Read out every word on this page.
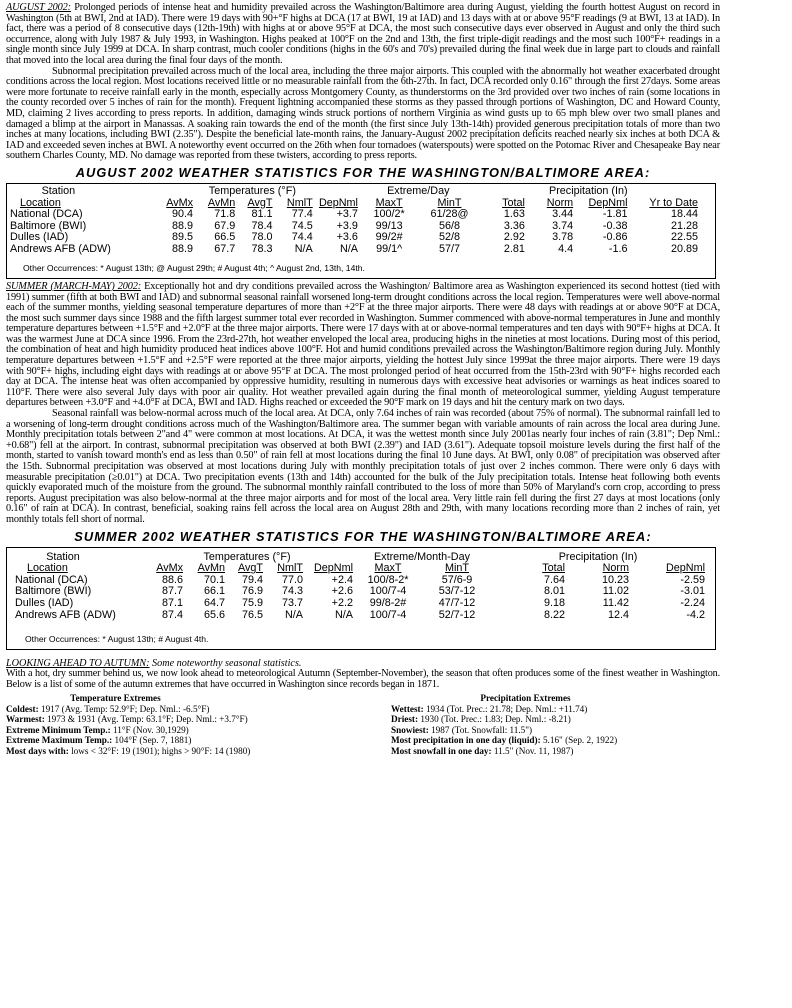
AUGUST 2002: Prolonged periods of intense heat and humidity prevailed across the Washington/Baltimore area during August, yielding the fourth hottest August on record in Washington (5th at BWI, 2nd at IAD). There were 19 days with 90+°F highs at DCA (17 at BWI, 19 at IAD) and 13 days with at or above 95°F readings (9 at BWI, 13 at IAD). In fact, there was a period of 8 consecutive days (12th-19th) with highs at or above 95°F at DCA, the most such consecutive days ever observed in August and only the third such occurrence, along with July 1987 & July 1993, in Washington. Highs peaked at 100°F on the 2nd and 13th, the first triple-digit readings and the most such 100°F+ readings in a single month since July 1999 at DCA. In sharp contrast, much cooler conditions (highs in the 60's and 70's) prevailed during the final week due in large part to clouds and rainfall that moved into the local area during the final four days of the month.

Subnormal precipitation prevailed across much of the local area, including the three major airports. This coupled with the abnormally hot weather exacerbated drought conditions across the local region. Most locations received little or no measurable rainfall from the 6th-27th. In fact, DCA recorded only 0.16" through the first 27days. Some areas were more fortunate to receive rainfall early in the month, especially across Montgomery County, as thunderstorms on the 3rd provided over two inches of rain (some locations in the county recorded over 5 inches of rain for the month). Frequent lightning accompanied these storms as they passed through portions of Washington, DC and Howard County, MD, claiming 2 lives according to press reports. In addition, damaging winds struck portions of northern Virginia as wind gusts up to 65 mph blew over two small planes and damaged a blimp at the airport in Manassas. A soaking rain towards the end of the month (the first since July 13th-14th) provided generous precipitation totals of more than two inches at many locations, including BWI (2.35"). Despite the beneficial late-month rains, the January-August 2002 precipitation deficits reached nearly six inches at both DCA & IAD and exceeded seven inches at BWI. A noteworthy event occurred on the 26th when four tornadoes (waterspouts) were spotted on the Potomac River and Chesapeake Bay near southern Charles County, MD. No damage was reported from these twisters, according to press reports.

AUGUST 2002 WEATHER STATISTICS FOR THE WASHINGTON/BALTIMORE AREA:
Station	Temperatures (°F)					Extreme/Day		Precipitation (In)			
Location	AvMx	AvMn	AvgT	NmlT	DepNml	MaxT	MinT	Total	Norm	DepNml	Yr to Date
National (DCA)	90.4	71.8	81.1	77.4	+3.7	100/2*	61/28@	1.63	3.44	-1.81	18.44
Baltimore (BWI)	88.9	67.9	78.4	74.5	+3.9	99/13	56/8	3.36	3.74	-0.38	21.28
Dulles (IAD)	89.5	66.5	78.0	74.4	+3.6	99/2#	52/8	2.92	3.78	-0.86	22.55
Andrews AFB (ADW)	88.9	67.7	78.3	N/A	N/A	99/1^	57/7	2.81	4.4	-1.6	20.89
Other Occurrences: * August 13th; @ August 29th; # August 4th; ^ August 2nd, 13th, 14th.

SUMMER (MARCH-MAY) 2002: Exceptionally hot and dry conditions prevailed across the Washington/ Baltimore area as Washington experienced its second hottest (tied with 1991) summer (fifth at both BWI and IAD) and subnormal seasonal rainfall worsened long-term drought conditions across the local region. Temperatures were well above-normal each of the summer months, yielding seasonal temperature departures of more than +2°F at the three major airports. There were 48 days with readings at or above 90°F at DCA, the most such summer days since 1988 and the fifth largest summer total ever recorded in Washington. Summer commenced with above-normal temperatures in June and monthly temperature departures between +1.5°F and +2.0°F at the three major airports. There were 17 days with at or above-normal temperatures and ten days with 90°F+ highs at DCA. It was the warmest June at DCA since 1996. From the 23rd-27th, hot weather enveloped the local area, producing highs in the nineties at most locations. During most of this period, the combination of heat and high humidity produced heat indices above 100°F. Hot and humid conditions prevailed across the Washington/Baltimore region during July. Monthly temperature departures between +1.5°F and +2.5°F were reported at the three major airports, yielding the hottest July since 1999at the three major airports. There were 19 days with 90°F+ highs, including eight days with readings at or above 95°F at DCA. The most prolonged period of heat occurred from the 15th-23rd with 90°F+ highs recorded each day at DCA. The intense heat was often accompanied by oppressive humidity, resulting in numerous days with excessive heat advisories or warnings as heat indices soared to 110°F. There were also several July days with poor air quality. Hot weather prevailed again during the final month of meteorological summer, yielding August temperature departures between +3.0°F and +4.0°F at DCA, BWI and IAD. Highs reached or exceeded the 90°F mark on 19 days and hit the century mark on two days.

Seasonal rainfall was below-normal across much of the local area. At DCA, only 7.64 inches of rain was recorded (about 75% of normal). The subnormal rainfall led to a worsening of long-term drought conditions across much of the Washington/Baltimore area. The summer began with variable amounts of rain across the local area during June. Monthly precipitation totals between 2"and 4" were common at most locations. At DCA, it was the wettest month since July 2001as nearly four inches of rain (3.81"; Dep Nml.: +0.68") fell at the airport. In contrast, subnormal precipitation was observed at both BWI (2.39") and IAD (3.61"). Adequate topsoil moisture levels during the first half of the month, started to vanish toward month's end as less than 0.50" of rain fell at most locations during the final 10 June days. At BWI, only 0.08" of precipitation was observed after the 15th. Subnormal precipitation was observed at most locations during July with monthly precipitation totals of just over 2 inches common. There were only 6 days with measurable precipitation (≥0.01") at DCA. Two precipitation events (13th and 14th) accounted for the bulk of the July precipitation totals. Intense heat following both events quickly evaporated much of the moisture from the ground. The subnormal monthly rainfall contributed to the loss of more than 50% of Maryland's corn crop, according to press reports. August precipitation was also below-normal at the three major airports and for most of the local area. Very little rain fell during the first 27 days at most locations (only 0.16" of rain at DCA). In contrast, beneficial, soaking rains fell across the local area on August 28th and 29th, with many locations recording more than 2 inches of rain, yet monthly totals fell short of normal.

SUMMER 2002 WEATHER STATISTICS FOR THE WASHINGTON/BALTIMORE AREA:
Station	Temperatures (°F)					Extreme/Month-Day		Precipitation (In)		
Location	AvMx	AvMn	AvgT	NmlT	DepNml	MaxT	MinT	Total	Norm	DepNml
National (DCA)	88.6	70.1	79.4	77.0	+2.4	100/8-2*	57/6-9	7.64	10.23	-2.59
Baltimore (BWI)	87.7	66.1	76.9	74.3	+2.6	100/7-4	53/7-12	8.01	11.02	-3.01
Dulles (IAD)	87.1	64.7	75.9	73.7	+2.2	99/8-2#	47/7-12	9.18	11.42	-2.24
Andrews AFB (ADW)	87.4	65.6	76.5	N/A	N/A	100/7-4	52/7-12	8.22	12.4	-4.2
Other Occurrences: * August 13th; # August 4th.
LOOKING AHEAD TO AUTUMN: Some noteworthy seasonal statistics.

With a hot, dry summer behind us, we now look ahead to meteorological Autumn (September-November), the season that often produces some of the finest weather in Washington. Below is a list of some of the autumn extremes that have occurred in Washington since records began in 1871.

Temperature Extremes
Coldest: 1917 (Avg. Temp: 52.9°F; Dep. Nml.: -6.5°F)
Warmest: 1973 & 1931 (Avg. Temp: 63.1°F; Dep. Nml.: +3.7°F)
Extreme Minimum Temp.: 11°F (Nov. 30,1929)
Extreme Maximum Temp.: 104°F (Sep. 7, 1881)
Most days with: lows < 32°F: 19 (1901); highs > 90°F: 14 (1980)
Precipitation Extremes
Wettest: 1934 (Tot. Prec.: 21.78; Dep. Nml.: +11.74)
Driest: 1930 (Tot. Prec.: 1.83; Dep. Nml.: -8.21)
Snowiest: 1987 (Tot. Snowfall: 11.5")
Most precipitation in one day (liquid): 5.16" (Sep. 2, 1922)
Most snowfall in one day: 11.5" (Nov. 11, 1987)
